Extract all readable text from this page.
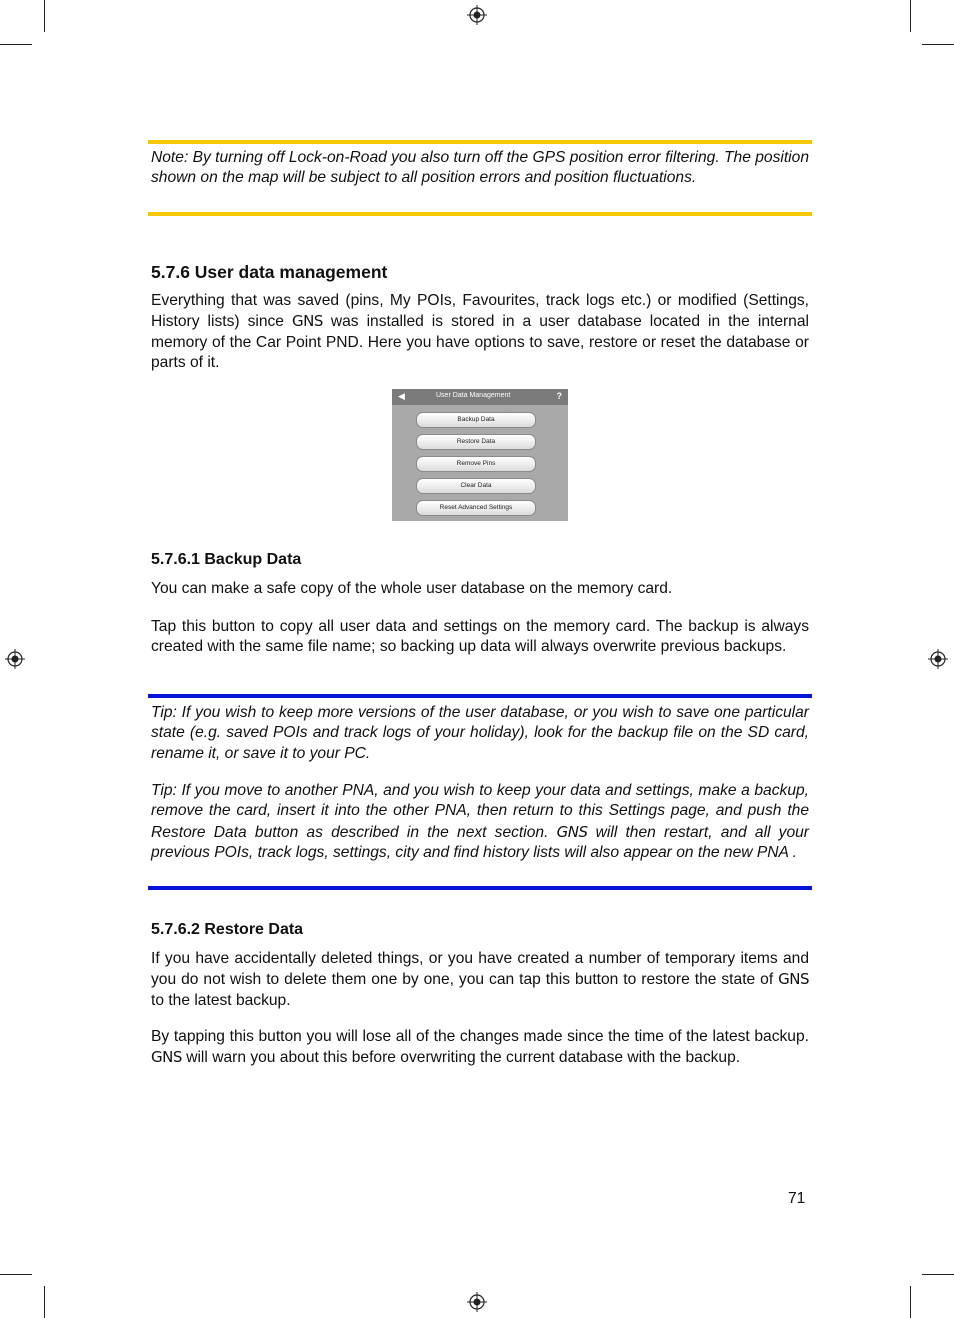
Note: By turning off Lock-on-Road you also turn off the GPS position error filtering. The position shown on the map will be subject to all position errors and position fluctuations.
5.7.6 User data management
Everything that was saved (pins, My POIs, Favourites, track logs etc.) or modified (Settings, History lists) since GNS was installed is stored in a user database located in the internal memory of the Car Point PND. Here you have options to save, restore or reset the database or parts of it.
◀	User Data Management	?
Backup Data
Restore Data
Remove Pins
Clear Data
Reset Advanced Settings
5.7.6.1 Backup Data
You can make a safe copy of the whole user database on the memory card.
Tap this button to copy all user data and settings on the memory card. The backup is always created with the same file name; so backing up data will always overwrite previous backups.
Tip: If you wish to keep more versions of the user database, or you wish to save one particular state (e.g. saved POIs and track logs of your holiday), look for the backup file on the SD card, rename it, or save it to your PC.
Tip: If you move to another PNA, and you wish to keep your data and settings, make a backup, remove the card, insert it into the other PNA, then return to this Settings page, and push the Restore Data button as described in the next section. GNS will then restart, and all your previous POIs, track logs, settings, city and find history lists will also appear on the new PNA .
5.7.6.2 Restore Data
If you have accidentally deleted things, or you have created a number of temporary items and you do not wish to delete them one by one, you can tap this button to restore the state of GNS to the latest backup.
By tapping this button you will lose all of the changes made since the time of the latest backup. GNS will warn you about this before overwriting the current database with the backup.
71
